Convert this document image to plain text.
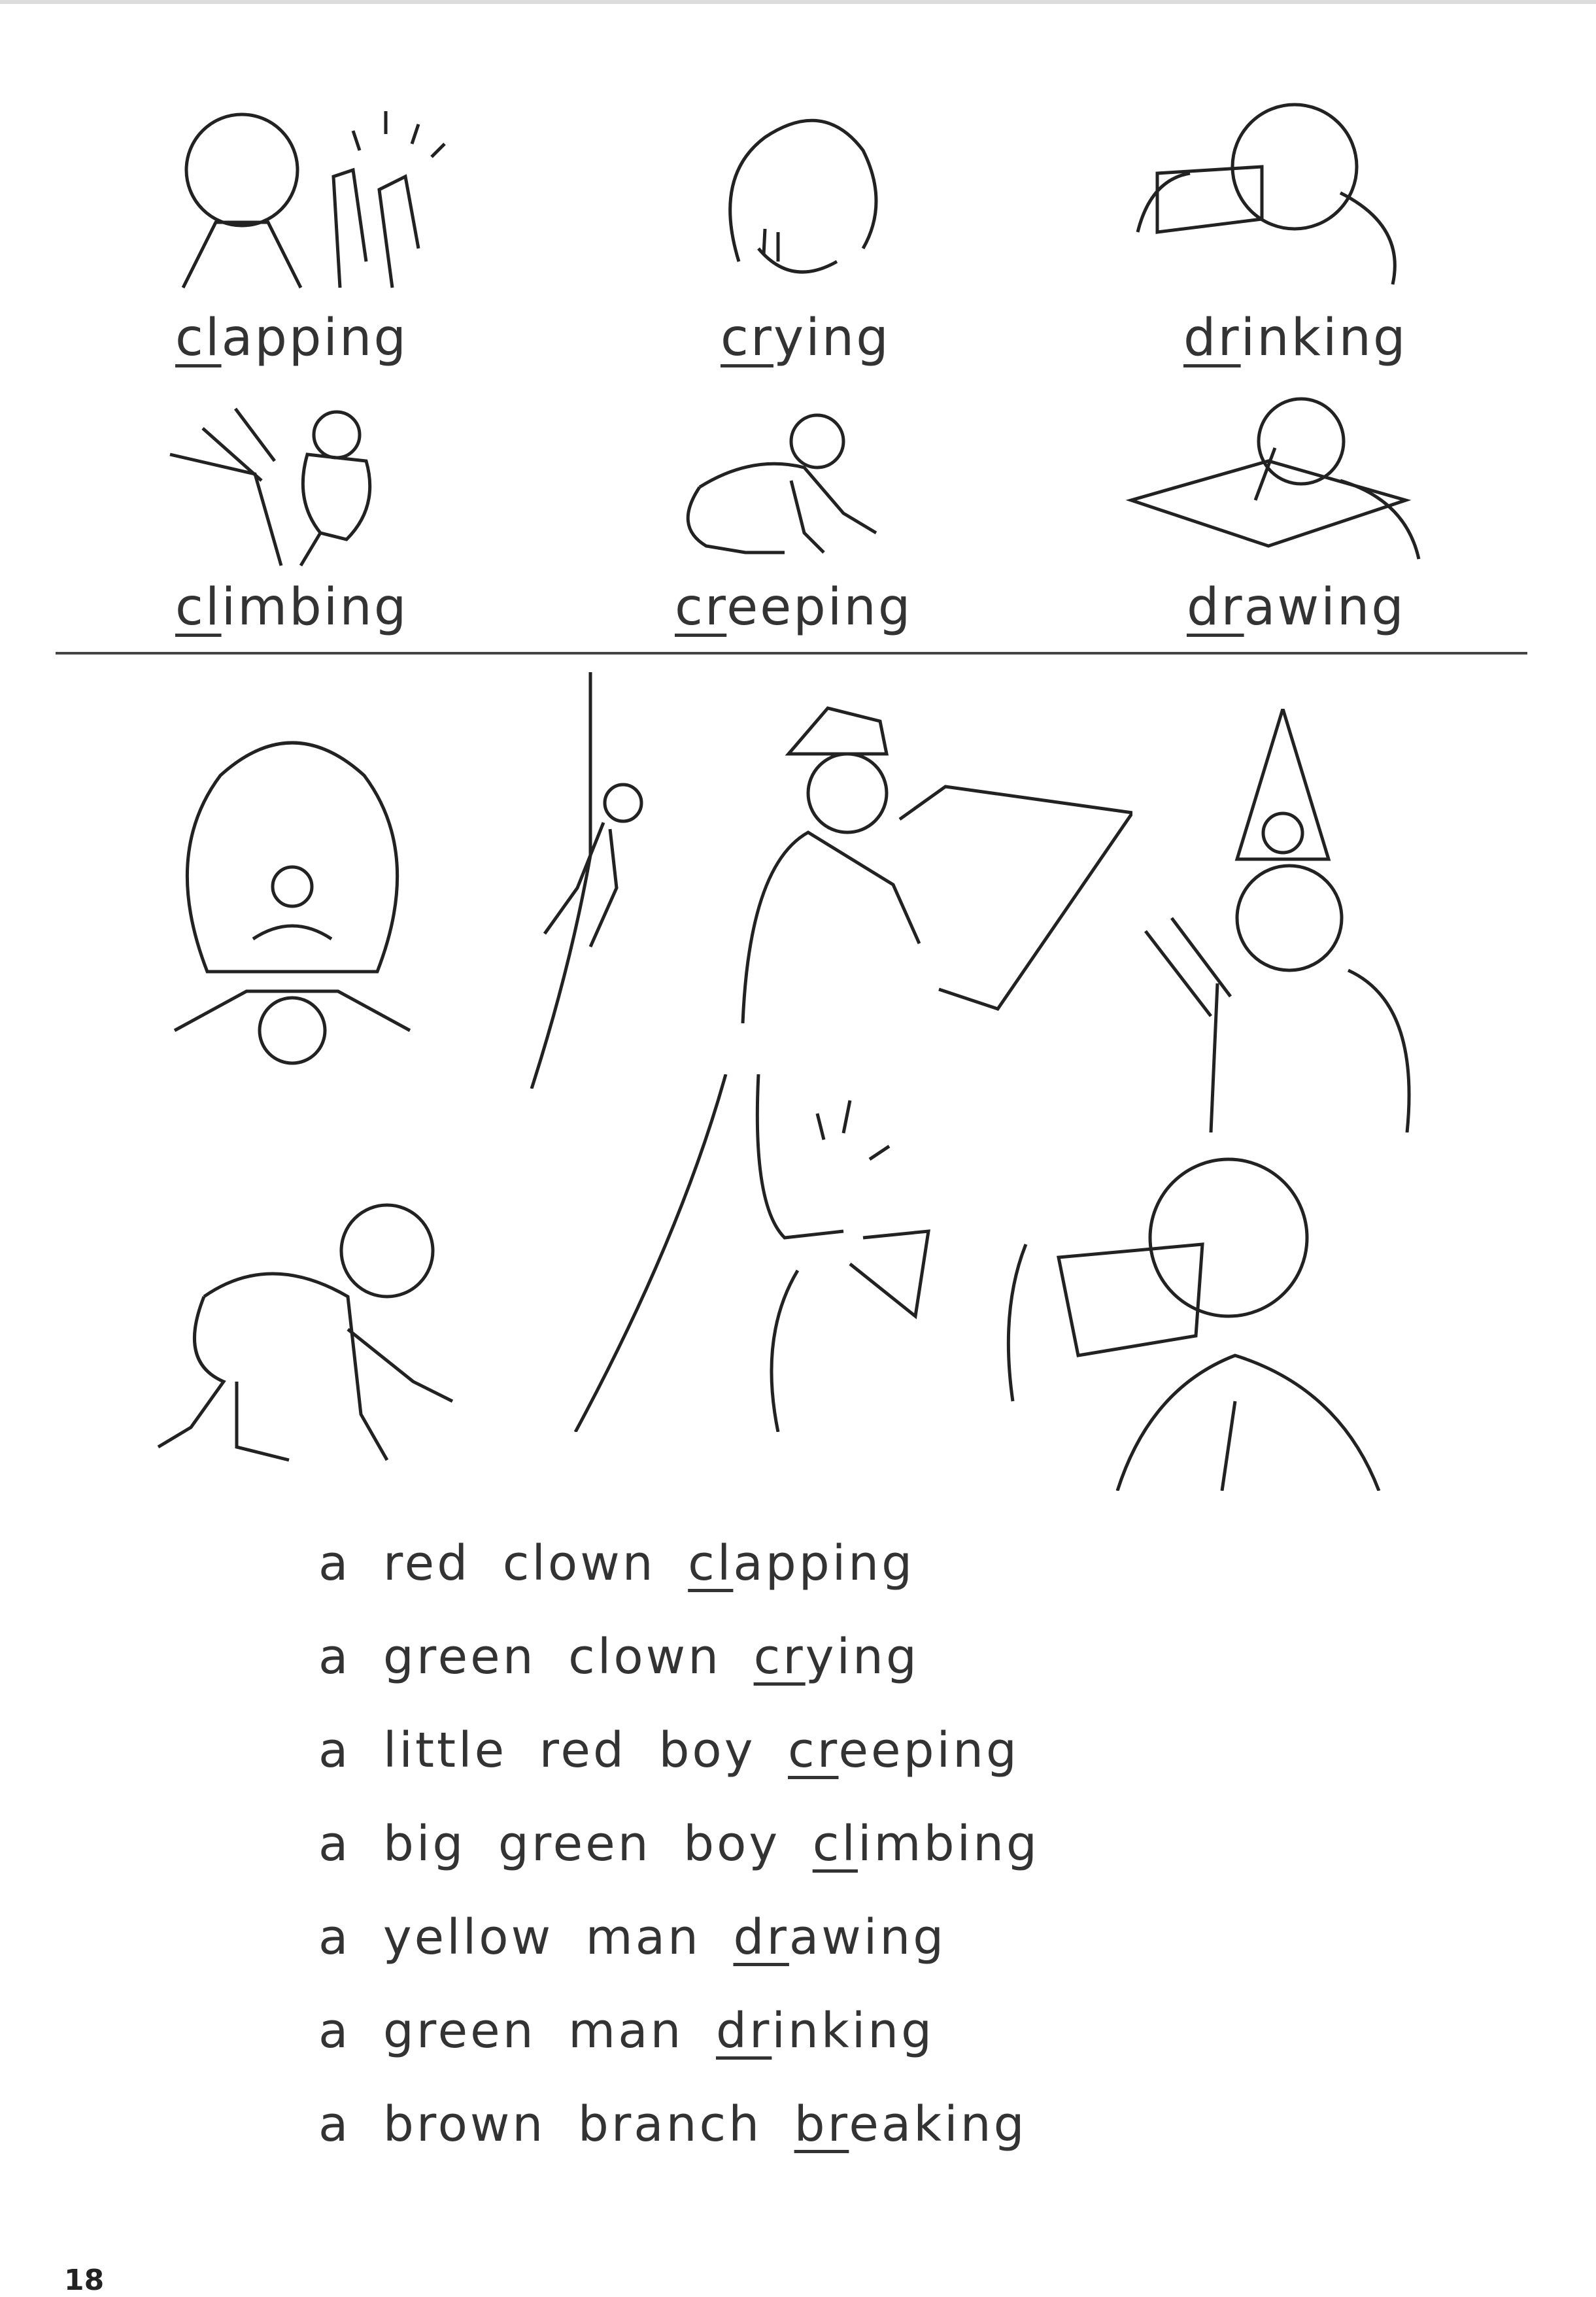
clapping	crying	drinking
climbing	creeping	drawing
a red clown clapping
a green clown crying
a little red boy creeping
a big green boy climbing
a yellow man drawing
a green man drinking
a brown branch breaking
18
